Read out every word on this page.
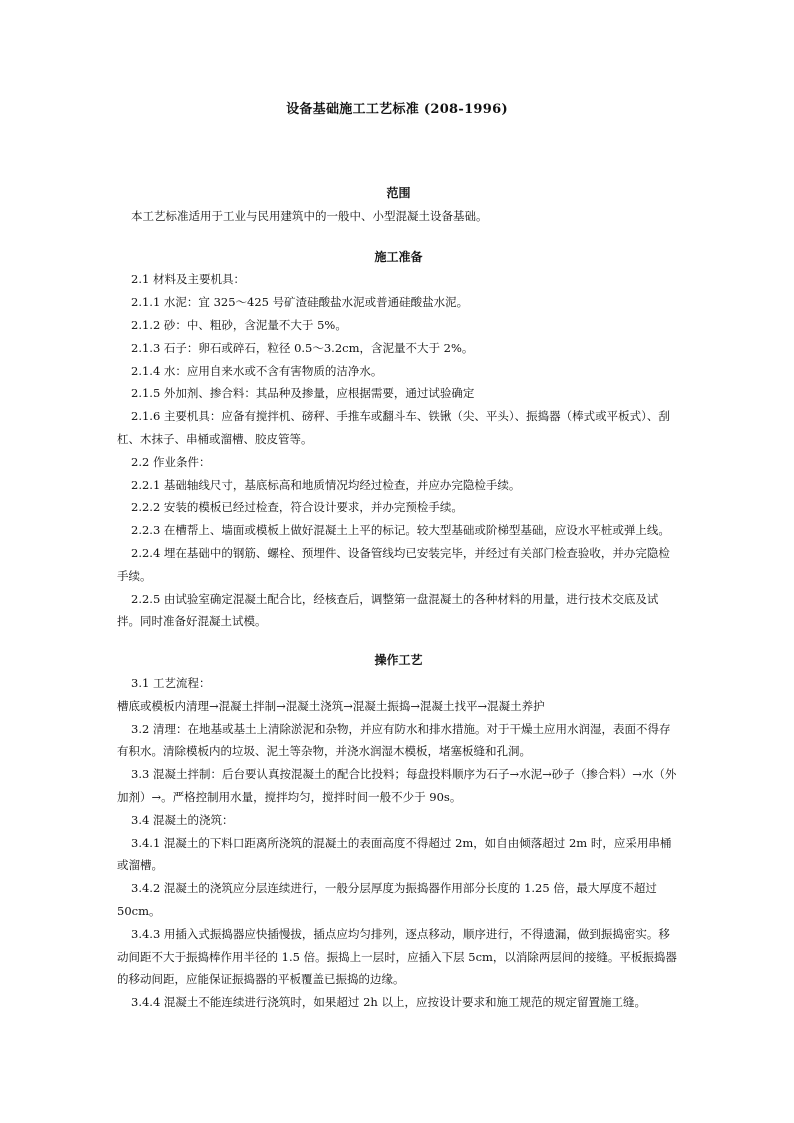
设备基础施工工艺标准 (208-1996)

范围

本工艺标准适用于工业与民用建筑中的一般中、小型混凝土设备基础。

施工准备

2.1 材料及主要机具：

2.1.1 水泥：宜 325～425 号矿渣硅酸盐水泥或普通硅酸盐水泥。

2.1.2 砂：中、粗砂，含泥量不大于 5%。

2.1.3 石子：卵石或碎石，粒径 0.5～3.2cm，含泥量不大于 2%。

2.1.4 水：应用自来水或不含有害物质的洁净水。

2.1.5 外加剂、掺合料：其品种及掺量，应根据需要，通过试验确定

2.1.6 主要机具：应备有搅拌机、磅秤、手推车或翻斗车、铁锹（尖、平头）、振捣器（棒式或平板式）、刮杠、木抹子、串桶或溜槽、胶皮管等。

2.2 作业条件：

2.2.1 基础轴线尺寸，基底标高和地质情况均经过检查，并应办完隐检手续。

2.2.2 安装的模板已经过检查，符合设计要求，并办完预检手续。

2.2.3 在槽帮上、墙面或模板上做好混凝土上平的标记。较大型基础或阶梯型基础，应设水平桩或弹上线。

2.2.4 埋在基础中的钢筋、螺栓、预埋件、设备管线均已安装完毕，并经过有关部门检查验收，并办完隐检手续。

2.2.5 由试验室确定混凝土配合比，经核查后，调整第一盘混凝土的各种材料的用量，进行技术交底及试拌。同时准备好混凝土试模。

操作工艺

3.1 工艺流程：

槽底或模板内清理→混凝土拌制→混凝土浇筑→混凝土振捣→混凝土找平→混凝土养护

3.2 清理：在地基或基土上清除淤泥和杂物，并应有防水和排水措施。对于干燥土应用水润湿，表面不得存有积水。清除模板内的垃圾、泥土等杂物，并浇水润湿木模板，堵塞板缝和孔洞。

3.3 混凝土拌制：后台要认真按混凝土的配合比投料；每盘投料顺序为石子→水泥→砂子（掺合料）→水（外加剂）→。严格控制用水量，搅拌均匀，搅拌时间一般不少于 90s。

3.4 混凝土的浇筑：

3.4.1 混凝土的下料口距离所浇筑的混凝土的表面高度不得超过 2m，如自由倾落超过 2m 时，应采用串桶或溜槽。

3.4.2 混凝土的浇筑应分层连续进行，一般分层厚度为振捣器作用部分长度的 1.25 倍，最大厚度不超过 50cm。

3.4.3 用插入式振捣器应快插慢拔，插点应均匀排列，逐点移动，顺序进行，不得遗漏，做到振捣密实。移动间距不大于振捣棒作用半径的 1.5 倍。振捣上一层时，应插入下层 5cm，以消除两层间的接缝。平板振捣器的移动间距，应能保证振捣器的平板覆盖已振捣的边缘。

3.4.4 混凝土不能连续进行浇筑时，如果超过 2h 以上，应按设计要求和施工规范的规定留置施工缝。
